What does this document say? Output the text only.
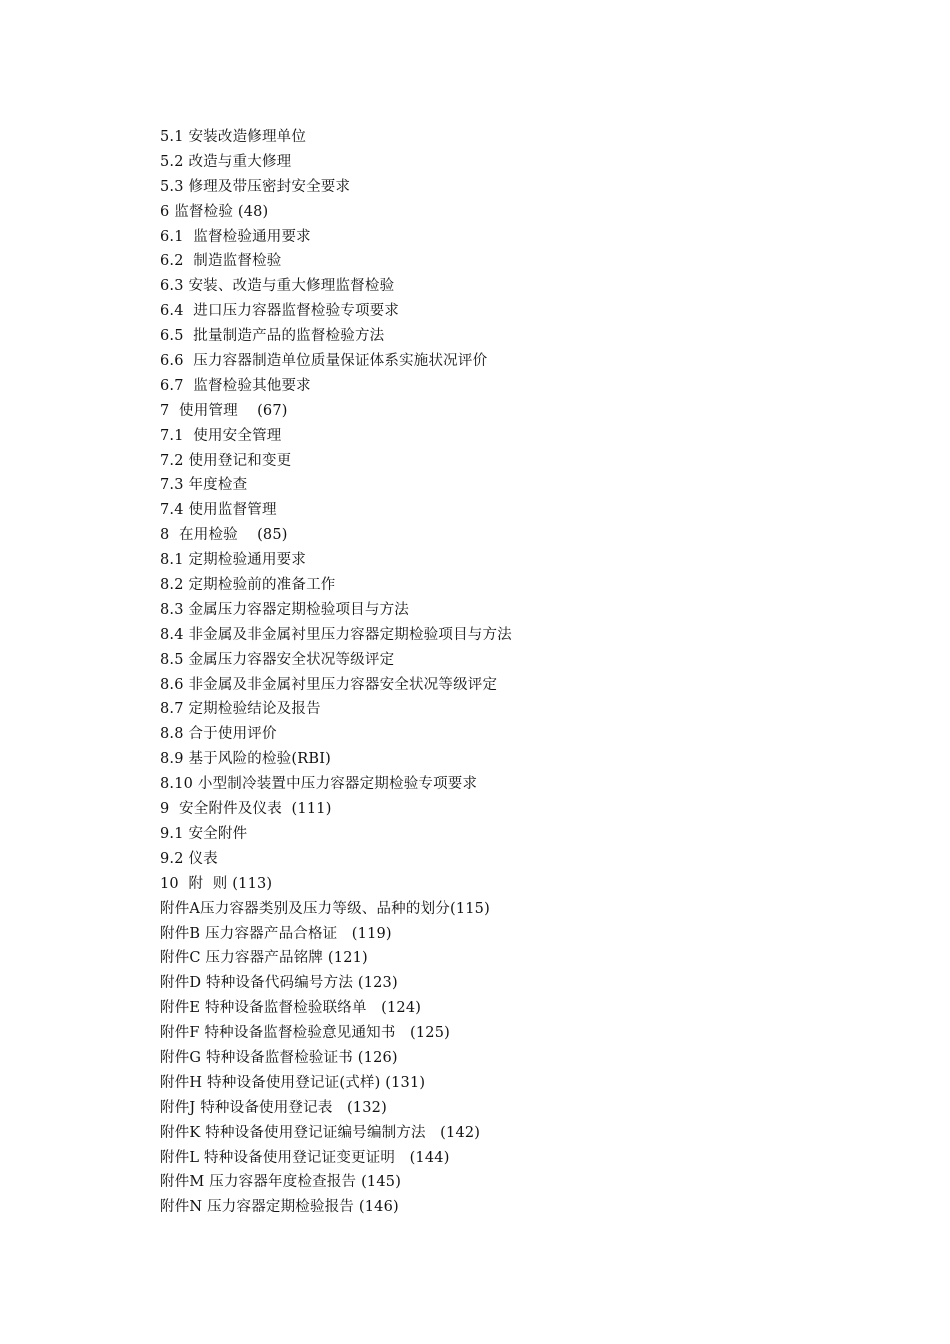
5.1 安装改造修理单位
5.2 改造与重大修理
5.3 修理及带压密封安全要求
6 监督检验 (48)
6.1  监督检验通用要求
6.2  制造监督检验
6.3 安装、改造与重大修理监督检验
6.4  进口压力容器监督检验专项要求
6.5  批量制造产品的监督检验方法
6.6  压力容器制造单位质量保证体系实施状况评价
6.7  监督检验其他要求
7  使用管理    (67)
7.1  使用安全管理
7.2 使用登记和变更
7.3 年度检查
7.4 使用监督管理
8  在用检验    (85)
8.1 定期检验通用要求
8.2 定期检验前的准备工作
8.3 金属压力容器定期检验项目与方法
8.4 非金属及非金属衬里压力容器定期检验项目与方法
8.5 金属压力容器安全状况等级评定
8.6 非金属及非金属衬里压力容器安全状况等级评定
8.7 定期检验结论及报告
8.8 合于使用评价
8.9 基于风险的检验(RBI)
8.10 小型制冷装置中压力容器定期检验专项要求
9  安全附件及仪表  (111)
9.1 安全附件
9.2 仪表
10  附  则 (113)
附件A压力容器类别及压力等级、品种的划分(115)
附件B 压力容器产品合格证   (119)
附件C 压力容器产品铭牌 (121)
附件D 特种设备代码编号方法 (123)
附件E 特种设备监督检验联络单   (124)
附件F 特种设备监督检验意见通知书   (125)
附件G 特种设备监督检验证书 (126)
附件H 特种设备使用登记证(式样) (131)
附件J 特种设备使用登记表   (132)
附件K 特种设备使用登记证编号编制方法   (142)
附件L 特种设备使用登记证变更证明   (144)
附件M 压力容器年度检查报告 (145)
附件N 压力容器定期检验报告 (146)
